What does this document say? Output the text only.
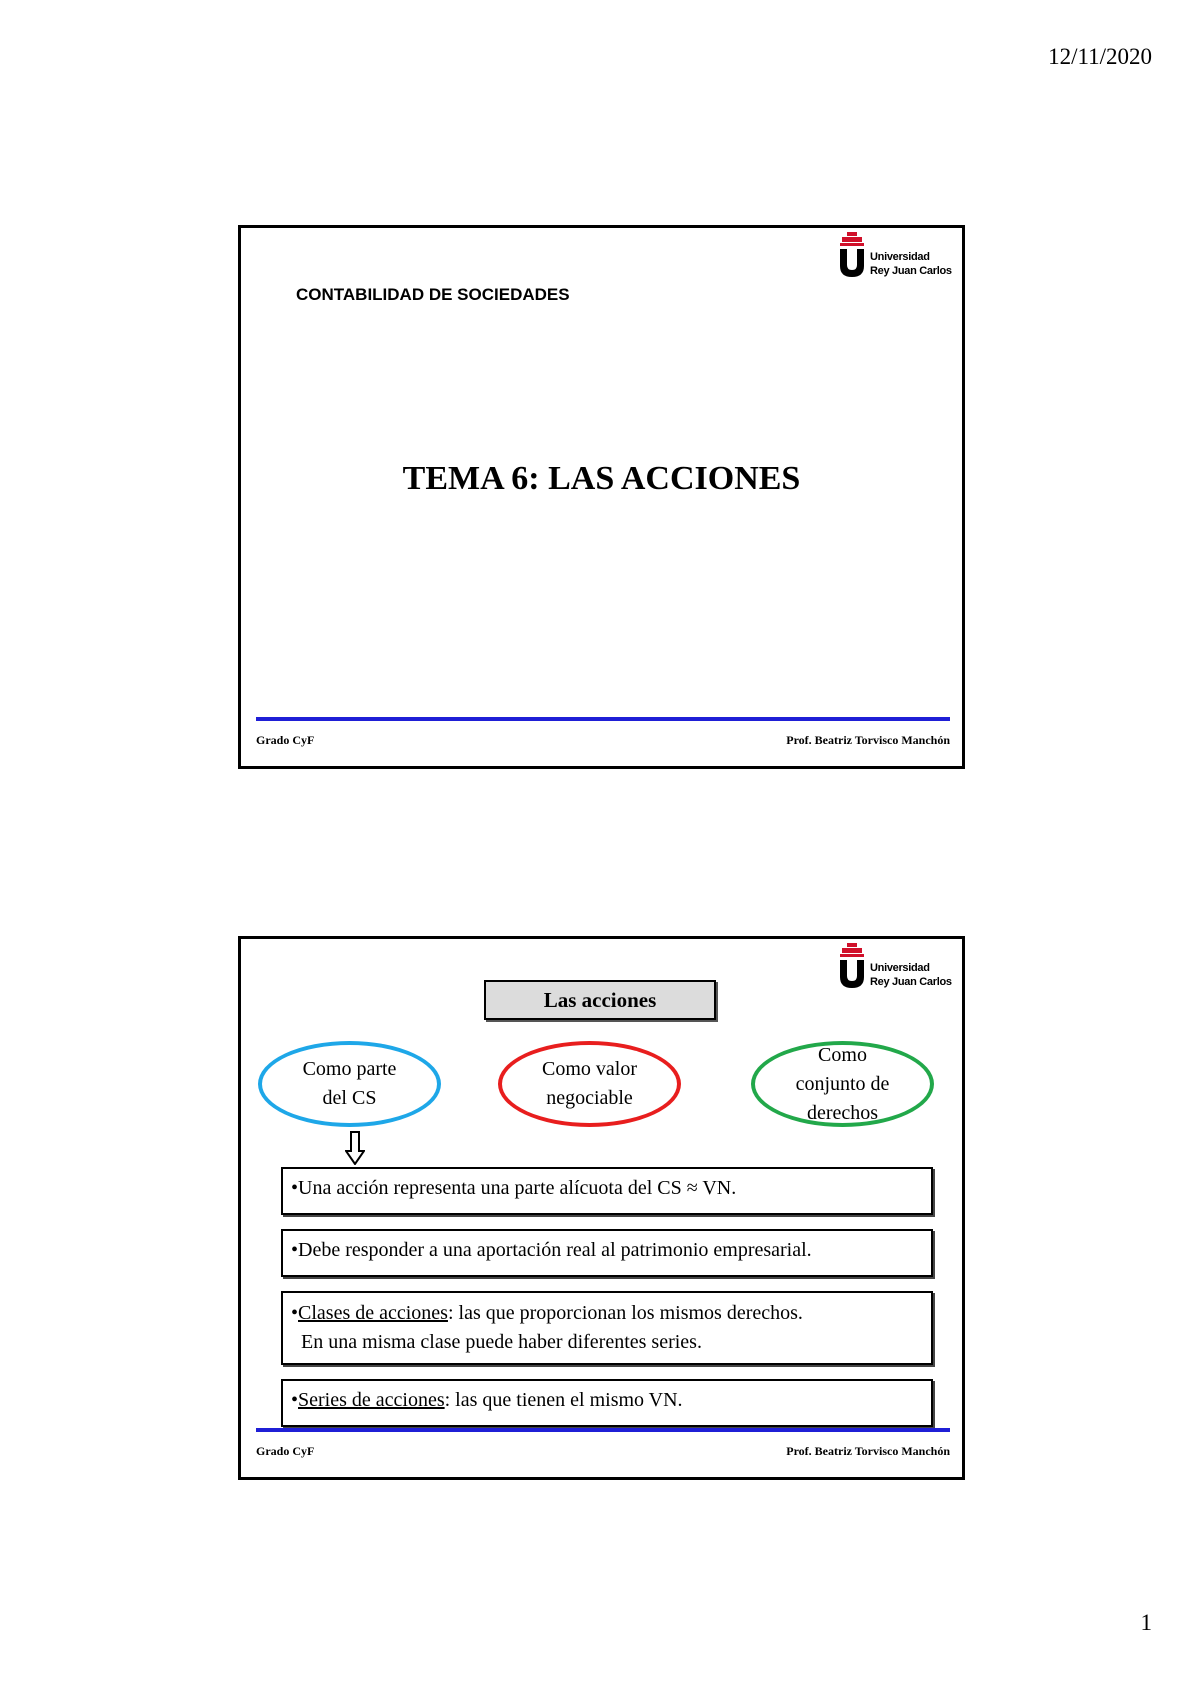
12/11/2020
Universidad
Rey Juan Carlos
CONTABILIDAD DE SOCIEDADES
TEMA 6: LAS ACCIONES
Grado CyF	Prof. Beatriz Torvisco Manchón
Universidad
Rey Juan Carlos
Las acciones
Como parte
del CS
Como valor
negociable
Como
conjunto de
derechos
•Una acción representa una parte alícuota del CS ≈ VN.
•Debe responder a una aportación real al patrimonio empresarial.
•Clases de acciones: las que proporcionan los mismos derechos.
En una misma clase puede haber diferentes series.
•Series de acciones: las que tienen el mismo VN.
Grado CyF	Prof. Beatriz Torvisco Manchón
1
